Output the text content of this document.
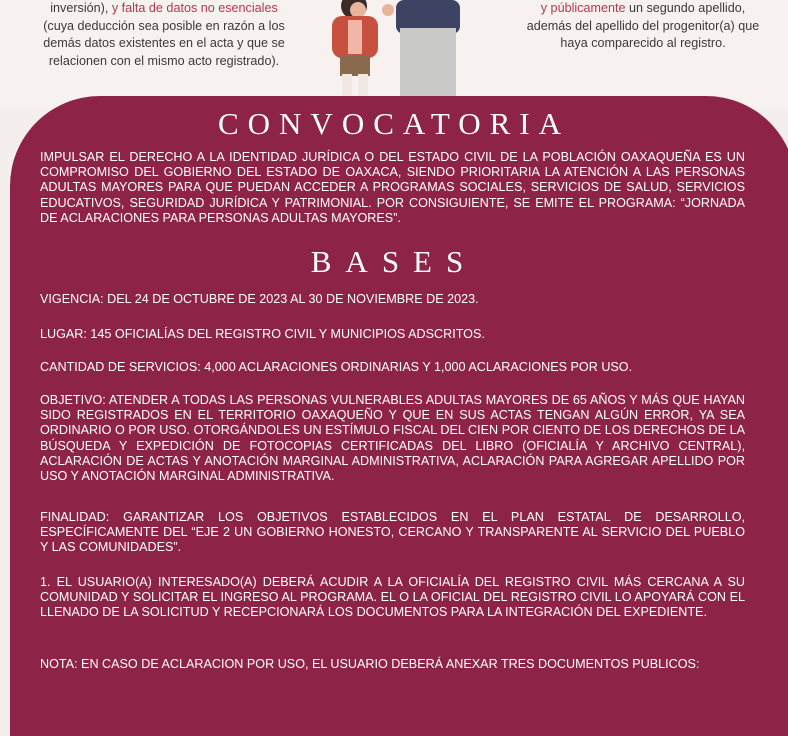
inversión), y falta de datos no esenciales
(cuya deducción sea posible en razón a los
demás datos existentes en el acta y que se
relacionen con el mismo acto registrado).
y públicamente un segundo apellido,
además del apellido del progenitor(a) que
haya comparecido al registro.
CONVOCATORIA
IMPULSAR EL DERECHO A LA IDENTIDAD JURÍDICA O DEL ESTADO CIVIL DE LA POBLACIÓN OAXAQUEÑA ES UN COMPROMISO DEL GOBIERNO DEL ESTADO DE OAXACA, SIENDO PRIORITARIA LA ATENCIÓN A LAS PERSONAS ADULTAS MAYORES PARA QUE PUEDAN ACCEDER A PROGRAMAS SOCIALES, SERVICIOS DE SALUD, SERVICIOS EDUCATIVOS, SEGURIDAD JURÍDICA Y PATRIMONIAL. POR CONSIGUIENTE, SE EMITE EL PROGRAMA: “JORNADA DE ACLARACIONES PARA PERSONAS ADULTAS MAYORES”.
BASES
VIGENCIA: DEL 24 DE OCTUBRE DE 2023 AL 30 DE NOVIEMBRE DE 2023.
LUGAR: 145 OFICIALÍAS DEL REGISTRO CIVIL Y MUNICIPIOS ADSCRITOS.
CANTIDAD DE SERVICIOS: 4,000 ACLARACIONES ORDINARIAS Y 1,000 ACLARACIONES POR USO.
OBJETIVO: ATENDER A TODAS LAS PERSONAS VULNERABLES ADULTAS MAYORES DE 65 AÑOS Y MÁS QUE HAYAN SIDO REGISTRADOS EN EL TERRITORIO OAXAQUEÑO Y QUE EN SUS ACTAS TENGAN ALGÚN ERROR, YA SEA ORDINARIO O POR USO. OTORGÁNDOLES UN ESTÍMULO FISCAL DEL CIEN POR CIENTO DE LOS DERECHOS DE LA BÚSQUEDA Y EXPEDICIÓN DE FOTOCOPIAS CERTIFICADAS DEL LIBRO (OFICIALÍA Y ARCHIVO CENTRAL), ACLARACIÓN DE ACTAS Y ANOTACIÓN MARGINAL ADMINISTRATIVA, ACLARACIÓN PARA AGREGAR APELLIDO POR USO Y ANOTACIÓN MARGINAL ADMINISTRATIVA.
FINALIDAD: GARANTIZAR LOS OBJETIVOS ESTABLECIDOS EN EL PLAN ESTATAL DE DESARROLLO, ESPECÍFICAMENTE DEL “EJE 2 UN GOBIERNO HONESTO, CERCANO Y TRANSPARENTE AL SERVICIO DEL PUEBLO Y LAS COMUNIDADES”.
1. EL USUARIO(A) INTERESADO(A) DEBERÁ ACUDIR A LA OFICIALÍA DEL REGISTRO CIVIL MÁS CERCANA A SU COMUNIDAD Y SOLICITAR EL INGRESO AL PROGRAMA. EL O LA OFICIAL DEL REGISTRO CIVIL LO APOYARÁ CON EL LLENADO DE LA SOLICITUD Y RECEPCIONARÁ LOS DOCUMENTOS PARA LA INTEGRACIÓN DEL EXPEDIENTE.
NOTA: EN CASO DE ACLARACION POR USO, EL USUARIO DEBERÁ ANEXAR TRES DOCUMENTOS PUBLICOS:
